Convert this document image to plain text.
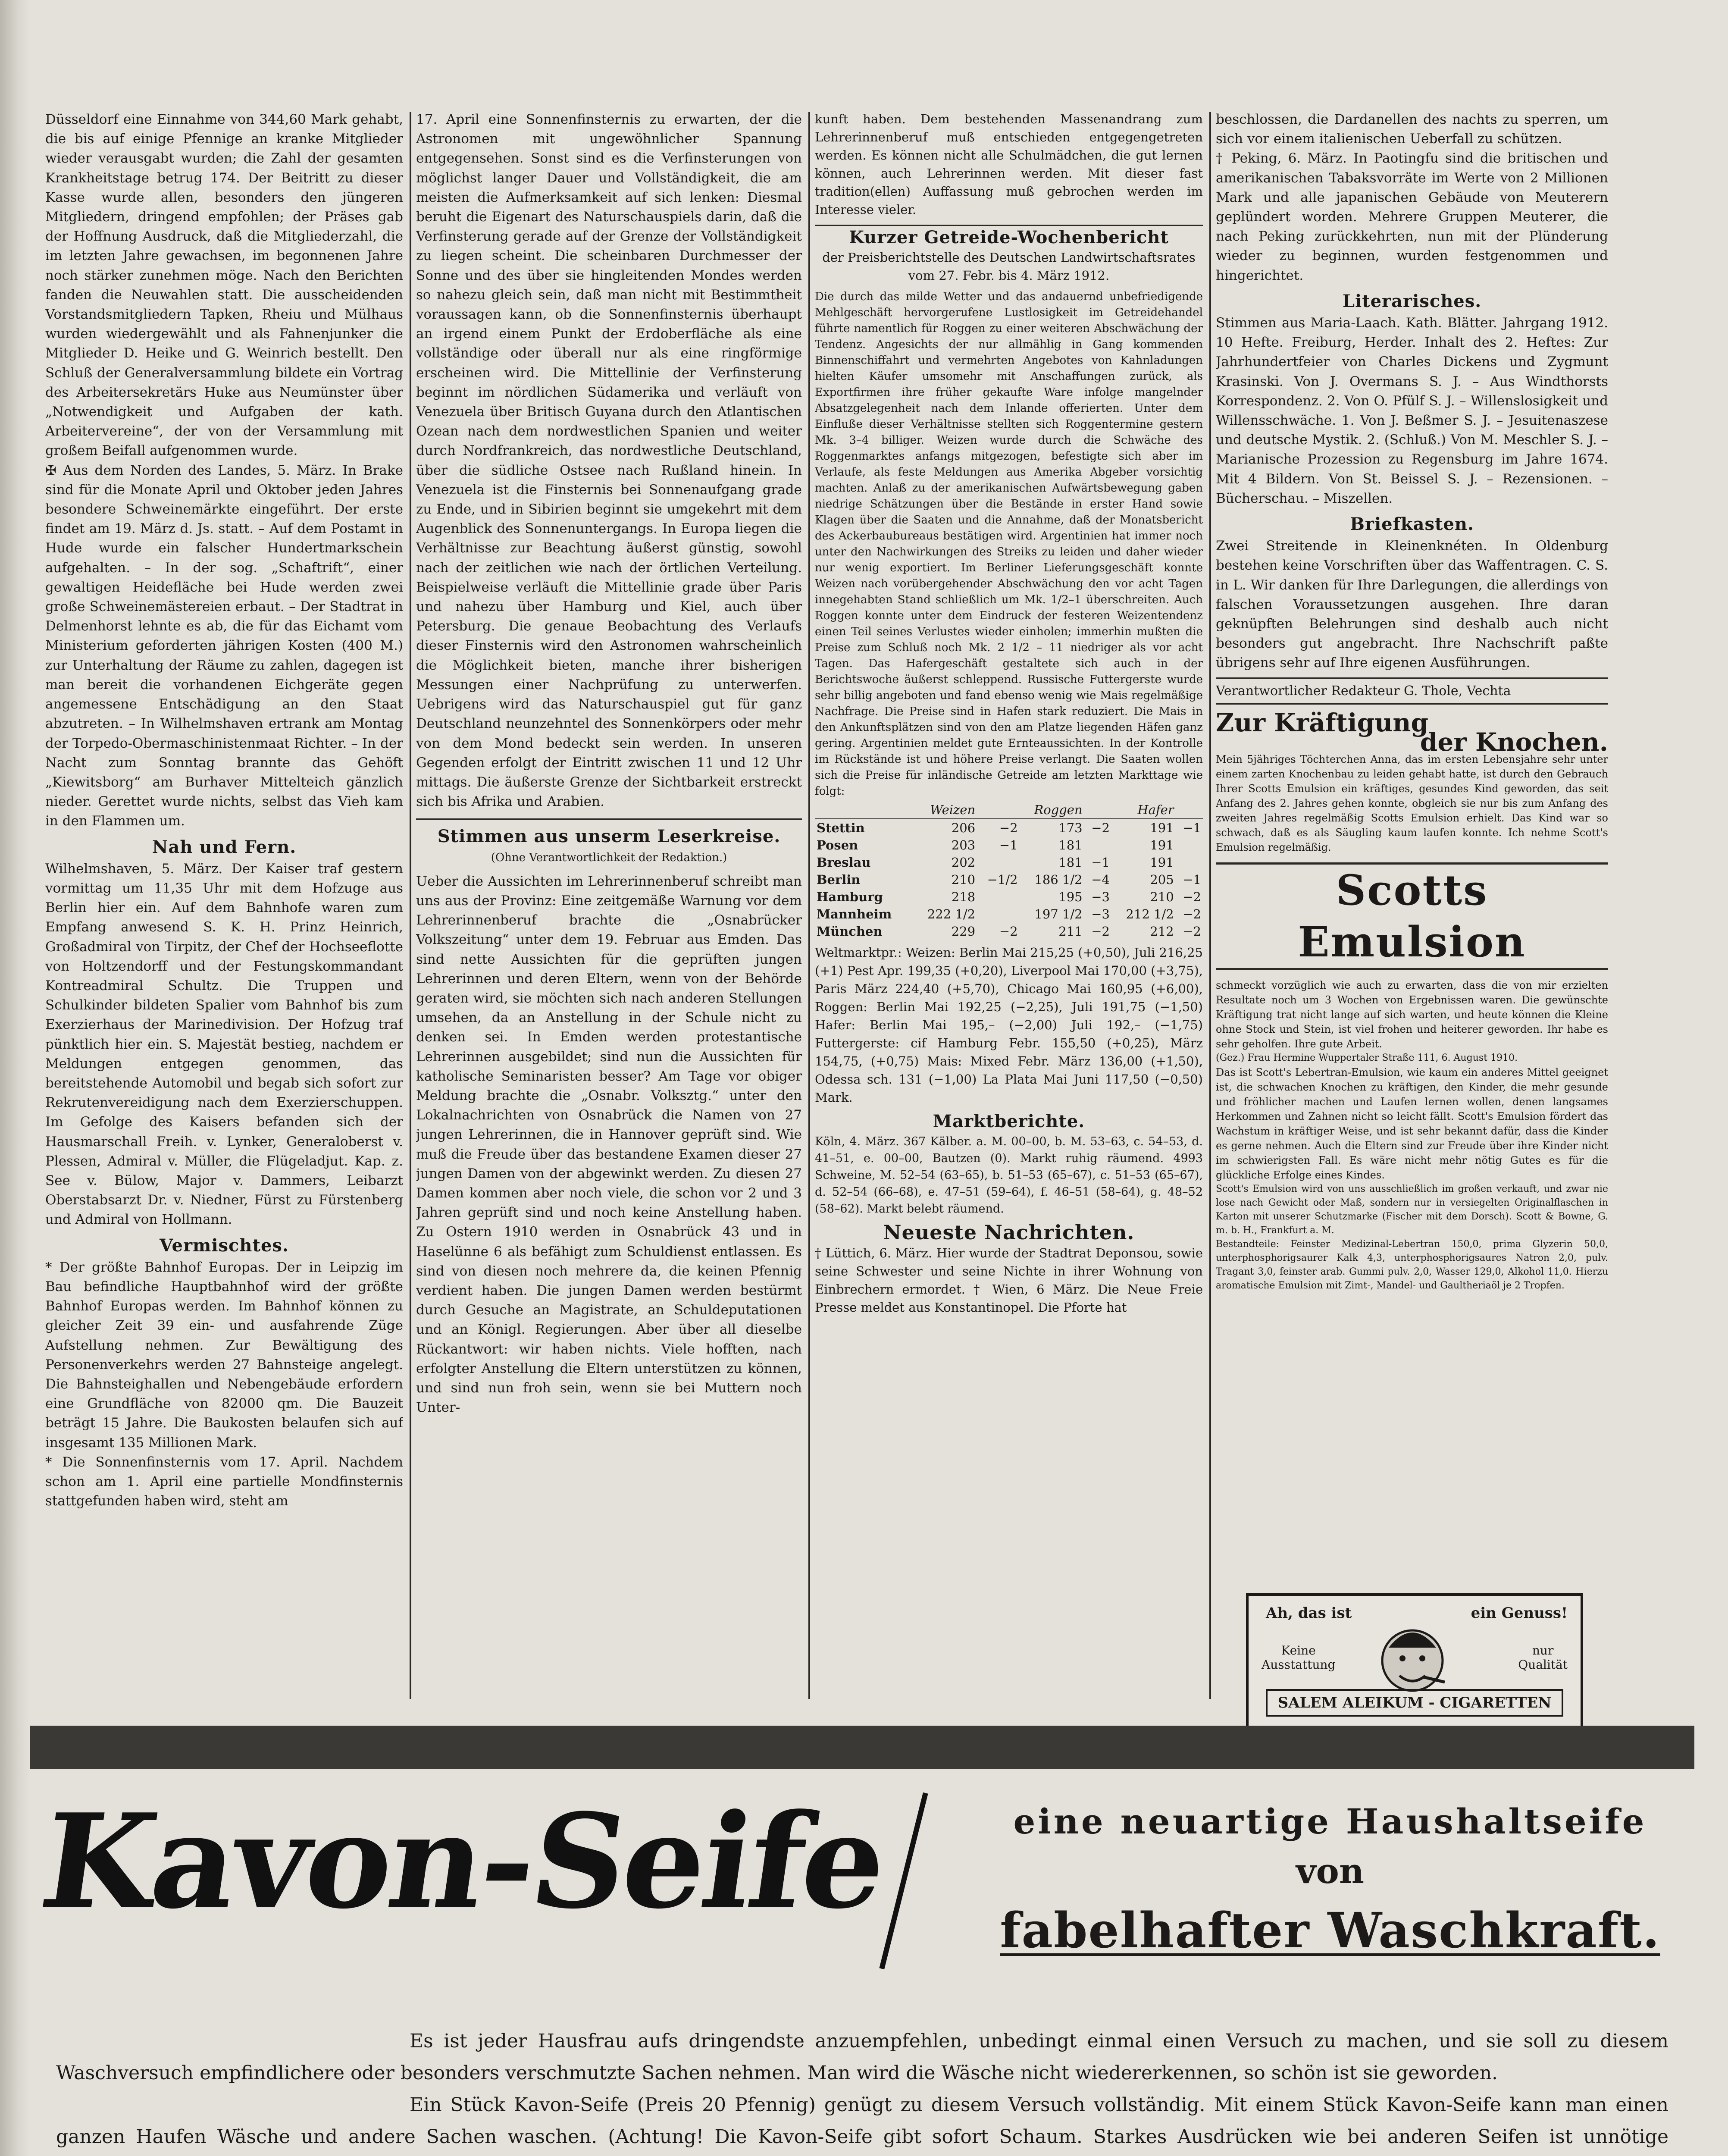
Düsseldorf eine Einnahme von 344,60 Mark gehabt, die bis auf einige Pfennige an kranke Mitglieder wieder verausgabt wurden; die Zahl der gesamten Krankheitstage betrug 174. Der Beitritt zu dieser Kasse wurde allen, besonders den jüngeren Mitgliedern, dringend empfohlen; der Präses gab der Hoffnung Ausdruck, daß die Mitgliederzahl, die im letzten Jahre gewachsen, im begonnenen Jahre noch stärker zunehmen möge. Nach den Berichten fanden die Neuwahlen statt. Die ausscheidenden Vorstandsmitgliedern Tapken, Rheiu und Mülhaus wurden wiedergewählt und als Fahnenjunker die Mitglieder D. Heike und G. Weinrich bestellt. Den Schluß der Generalversammlung bildete ein Vortrag des Arbeitersekretärs Huke aus Neumünster über „Notwendigkeit und Aufgaben der kath. Arbeitervereine“, der von der Versammlung mit großem Beifall aufgenommen wurde.

✠ Aus dem Norden des Landes, 5. März. In Brake sind für die Monate April und Oktober jeden Jahres besondere Schweinemärkte eingeführt. Der erste findet am 19. März d. Js. statt. – Auf dem Postamt in Hude wurde ein falscher Hundertmarkschein aufgehalten. – In der sog. „Schaftrift“, einer gewaltigen Heidefläche bei Hude werden zwei große Schweinemästereien erbaut. – Der Stadtrat in Delmenhorst lehnte es ab, die für das Eichamt vom Ministerium geforderten jährigen Kosten (400 M.) zur Unterhaltung der Räume zu zahlen, dagegen ist man bereit die vorhandenen Eichgeräte gegen angemessene Entschädigung an den Staat abzutreten. – In Wilhelmshaven ertrank am Montag der Torpedo-Obermaschinistenmaat Richter. – In der Nacht zum Sonntag brannte das Gehöft „Kiewitsborg“ am Burhaver Mittelteich gänzlich nieder. Gerettet wurde nichts, selbst das Vieh kam in den Flammen um.

Nah und Fern.

Wilhelmshaven, 5. März. Der Kaiser traf gestern vormittag um 11,35 Uhr mit dem Hofzuge aus Berlin hier ein. Auf dem Bahnhofe waren zum Empfang anwesend S. K. H. Prinz Heinrich, Großadmiral von Tirpitz, der Chef der Hochseeflotte von Holtzendorff und der Festungskommandant Kontreadmiral Schultz. Die Truppen und Schulkinder bildeten Spalier vom Bahnhof bis zum Exerzierhaus der Marinedivision. Der Hofzug traf pünktlich hier ein. S. Majestät bestieg, nachdem er Meldungen entgegen genommen, das bereitstehende Automobil und begab sich sofort zur Rekrutenvereidigung nach dem Exerzierschuppen. Im Gefolge des Kaisers befanden sich der Hausmarschall Freih. v. Lynker, Generaloberst v. Plessen, Admiral v. Müller, die Flügeladjut. Kap. z. See v. Bülow, Major v. Dammers, Leibarzt Oberstabsarzt Dr. v. Niedner, Fürst zu Fürstenberg und Admiral von Hollmann.

Vermischtes.

* Der größte Bahnhof Europas. Der in Leipzig im Bau befindliche Hauptbahnhof wird der größte Bahnhof Europas werden. Im Bahnhof können zu gleicher Zeit 39 ein- und ausfahrende Züge Aufstellung nehmen. Zur Bewältigung des Personenverkehrs werden 27 Bahnsteige angelegt. Die Bahnsteighallen und Nebengebäude erfordern eine Grundfläche von 82000 qm. Die Bauzeit beträgt 15 Jahre. Die Baukosten belaufen sich auf insgesamt 135 Millionen Mark.

* Die Sonnenfinsternis vom 17. April. Nachdem schon am 1. April eine partielle Mondfinsternis stattgefunden haben wird, steht am

17. April eine Sonnenfinsternis zu erwarten, der die Astronomen mit ungewöhnlicher Spannung entgegensehen. Sonst sind es die Verfinsterungen von möglichst langer Dauer und Vollständigkeit, die am meisten die Aufmerksamkeit auf sich lenken: Diesmal beruht die Eigenart des Naturschauspiels darin, daß die Verfinsterung gerade auf der Grenze der Vollständigkeit zu liegen scheint. Die scheinbaren Durchmesser der Sonne und des über sie hingleitenden Mondes werden so nahezu gleich sein, daß man nicht mit Bestimmtheit voraussagen kann, ob die Sonnenfinsternis überhaupt an irgend einem Punkt der Erdoberfläche als eine vollständige oder überall nur als eine ringförmige erscheinen wird. Die Mittellinie der Verfinsterung beginnt im nördlichen Südamerika und verläuft von Venezuela über Britisch Guyana durch den Atlantischen Ozean nach dem nordwestlichen Spanien und weiter durch Nordfrankreich, das nordwestliche Deutschland, über die südliche Ostsee nach Rußland hinein. In Venezuela ist die Finsternis bei Sonnenaufgang grade zu Ende, und in Sibirien beginnt sie umgekehrt mit dem Augenblick des Sonnenuntergangs. In Europa liegen die Verhältnisse zur Beachtung äußerst günstig, sowohl nach der zeitlichen wie nach der örtlichen Verteilung. Beispielweise verläuft die Mittellinie grade über Paris und nahezu über Hamburg und Kiel, auch über Petersburg. Die genaue Beobachtung des Verlaufs dieser Finsternis wird den Astronomen wahrscheinlich die Möglichkeit bieten, manche ihrer bisherigen Messungen einer Nachprüfung zu unterwerfen. Uebrigens wird das Naturschauspiel gut für ganz Deutschland neunzehntel des Sonnenkörpers oder mehr von dem Mond bedeckt sein werden. In unseren Gegenden erfolgt der Eintritt zwischen 11 und 12 Uhr mittags. Die äußerste Grenze der Sichtbarkeit erstreckt sich bis Afrika und Arabien.

Stimmen aus unserm Leserkreise.
(Ohne Verantwortlichkeit der Redaktion.)

Ueber die Aussichten im Lehrerinnenberuf schreibt man uns aus der Provinz: Eine zeitgemäße Warnung vor dem Lehrerinnenberuf brachte die „Osnabrücker Volkszeitung“ unter dem 19. Februar aus Emden. Das sind nette Aussichten für die geprüften jungen Lehrerinnen und deren Eltern, wenn von der Behörde geraten wird, sie möchten sich nach anderen Stellungen umsehen, da an Anstellung in der Schule nicht zu denken sei. In Emden werden protestantische Lehrerinnen ausgebildet; sind nun die Aussichten für katholische Seminaristen besser? Am Tage vor obiger Meldung brachte die „Osnabr. Volksztg.“ unter den Lokalnachrichten von Osnabrück die Namen von 27 jungen Lehrerinnen, die in Hannover geprüft sind. Wie muß die Freude über das bestandene Examen dieser 27 jungen Damen von der abgewinkt werden. Zu diesen 27 Damen kommen aber noch viele, die schon vor 2 und 3 Jahren geprüft sind und noch keine Anstellung haben. Zu Ostern 1910 werden in Osnabrück 43 und in Haselünne 6 als befähigt zum Schuldienst entlassen. Es sind von diesen noch mehrere da, die keinen Pfennig verdient haben. Die jungen Damen werden bestürmt durch Gesuche an Magistrate, an Schuldeputationen und an Königl. Regierungen. Aber über all dieselbe Rückantwort: wir haben nichts. Viele hofften, nach erfolgter Anstellung die Eltern unterstützen zu können, und sind nun froh sein, wenn sie bei Muttern noch Unter-

kunft haben. Dem bestehenden Massenandrang zum Lehrerinnenberuf muß entschieden entgegengetreten werden. Es können nicht alle Schulmädchen, die gut lernen können, auch Lehrerinnen werden. Mit dieser fast tradition(ellen) Auffassung muß gebrochen werden im Interesse vieler.

Kurzer Getreide-Wochenbericht
der Preisberichtstelle des Deutschen Landwirtschaftsrates vom 27. Febr. bis 4. März 1912.

Die durch das milde Wetter und das andauernd unbefriedigende Mehlgeschäft hervorgerufene Lustlosigkeit im Getreidehandel führte namentlich für Roggen zu einer weiteren Abschwächung der Tendenz. Angesichts der nur allmählig in Gang kommenden Binnenschiffahrt und vermehrten Angebotes von Kahnladungen hielten Käufer umsomehr mit Anschaffungen zurück, als Exportfirmen ihre früher gekaufte Ware infolge mangelnder Absatzgelegenheit nach dem Inlande offerierten. Unter dem Einfluße dieser Verhältnisse stellten sich Roggentermine gestern Mk. 3–4 billiger. Weizen wurde durch die Schwäche des Roggenmarktes anfangs mitgezogen, befestigte sich aber im Verlaufe, als feste Meldungen aus Amerika Abgeber vorsichtig machten. Anlaß zu der amerikanischen Aufwärtsbewegung gaben niedrige Schätzungen über die Bestände in erster Hand sowie Klagen über die Saaten und die Annahme, daß der Monatsbericht des Ackerbaubureaus bestätigen wird. Argentinien hat immer noch unter den Nachwirkungen des Streiks zu leiden und daher wieder nur wenig exportiert. Im Berliner Lieferungsgeschäft konnte Weizen nach vorübergehender Abschwächung den vor acht Tagen innegehabten Stand schließlich um Mk. 1/2–1 überschreiten. Auch Roggen konnte unter dem Eindruck der festeren Weizentendenz einen Teil seines Verlustes wieder einholen; immerhin mußten die Preise zum Schluß noch Mk. 2 1/2 – 11 niedriger als vor acht Tagen. Das Hafergeschäft gestaltete sich auch in der Berichtswoche äußerst schleppend. Russische Futtergerste wurde sehr billig angeboten und fand ebenso wenig wie Mais regelmäßige Nachfrage. Die Preise sind in Hafen stark reduziert. Die Mais in den Ankunftsplätzen sind von den am Platze liegenden Häfen ganz gering. Argentinien meldet gute Ernteaussichten. In der Kontrolle im Rückstände ist und höhere Preise verlangt. Die Saaten wollen sich die Preise für inländische Getreide am letzten Markttage wie folgt:

	Weizen		Roggen		Hafer	
Stettin	206	−2	173	−2	191	−1
Posen	203	−1	181		191	
Breslau	202		181	−1	191	
Berlin	210	−1/2	186 1/2	−4	205	−1
Hamburg	218		195	−3	210	−2
Mannheim	222 1/2		197 1/2	−3	212 1/2	−2
München	229	−2	211	−2	212	−2

Weltmarktpr.: Weizen: Berlin Mai 215,25 (+0,50), Juli 216,25 (+1) Pest Apr. 199,35 (+0,20), Liverpool Mai 170,00 (+3,75), Paris März 224,40 (+5,70), Chicago Mai 160,95 (+6,00), Roggen: Berlin Mai 192,25 (−2,25), Juli 191,75 (−1,50) Hafer: Berlin Mai 195,– (−2,00) Juli 192,– (−1,75) Futtergerste: cif Hamburg Febr. 155,50 (+0,25), März 154,75, (+0,75) Mais: Mixed Febr. März 136,00 (+1,50), Odessa sch. 131 (−1,00) La Plata Mai Juni 117,50 (−0,50) Mark.

Marktberichte.

Köln, 4. März. 367 Kälber. a. M. 00–00, b. M. 53–63, c. 54–53, d. 41–51, e. 00–00, Bautzen (0). Markt ruhig räumend. 4993 Schweine, M. 52–54 (63–65), b. 51–53 (65–67), c. 51–53 (65–67), d. 52–54 (66–68), e. 47–51 (59–64), f. 46–51 (58–64), g. 48–52 (58–62). Markt belebt räumend.

Neueste Nachrichten.

† Lüttich, 6. März. Hier wurde der Stadtrat Deponsou, sowie seine Schwester und seine Nichte in ihrer Wohnung von Einbrechern ermordet. † Wien, 6 März. Die Neue Freie Presse meldet aus Konstantinopel. Die Pforte hat

beschlossen, die Dardanellen des nachts zu sperren, um sich vor einem italienischen Ueberfall zu schützen.

† Peking, 6. März. In Paotingfu sind die britischen und amerikanischen Tabaksvorräte im Werte von 2 Millionen Mark und alle japanischen Gebäude von Meuterern geplündert worden. Mehrere Gruppen Meuterer, die nach Peking zurückkehrten, nun mit der Plünderung wieder zu beginnen, wurden festgenommen und hingerichtet.

Literarisches.

Stimmen aus Maria-Laach. Kath. Blätter. Jahrgang 1912. 10 Hefte. Freiburg, Herder. Inhalt des 2. Heftes: Zur Jahrhundertfeier von Charles Dickens und Zygmunt Krasinski. Von J. Overmans S. J. – Aus Windthorsts Korrespondenz. 2. Von O. Pfülf S. J. – Willenslosigkeit und Willensschwäche. 1. Von J. Beßmer S. J. – Jesuitenaszese und deutsche Mystik. 2. (Schluß.) Von M. Meschler S. J. – Marianische Prozession zu Regensburg im Jahre 1674. Mit 4 Bildern. Von St. Beissel S. J. – Rezensionen. – Bücherschau. – Miszellen.

Briefkasten.

Zwei Streitende in Kleinenknéten. In Oldenburg bestehen keine Vorschriften über das Waffentragen. C. S. in L. Wir danken für Ihre Darlegungen, die allerdings von falschen Voraussetzungen ausgehen. Ihre daran geknüpften Belehrungen sind deshalb auch nicht besonders gut angebracht. Ihre Nachschrift paßte übrigens sehr auf Ihre eigenen Ausführungen.

Verantwortlicher Redakteur G. Thole, Vechta
Zur Kräftigung
der Knochen.

Mein 5jähriges Töchterchen Anna, das im ersten Lebensjahre sehr unter einem zarten Knochenbau zu leiden gehabt hatte, ist durch den Gebrauch Ihrer Scotts Emulsion ein kräftiges, gesundes Kind geworden, das seit Anfang des 2. Jahres gehen konnte, obgleich sie nur bis zum Anfang des zweiten Jahres regelmäßig Scotts Emulsion erhielt. Das Kind war so schwach, daß es als Säugling kaum laufen konnte. Ich nehme Scott's Emulsion regelmäßig.

Scotts Emulsion

schmeckt vorzüglich wie auch zu erwarten, dass die von mir erzielten Resultate noch um 3 Wochen von Ergebnissen waren. Die gewünschte Kräftigung trat nicht lange auf sich warten, und heute können die Kleine ohne Stock und Stein, ist viel frohen und heiterer geworden. Ihr habe es sehr geholfen. Ihre gute Arbeit.

(Gez.) Frau Hermine Wuppertaler Straße 111, 6. August 1910.

Das ist Scott's Lebertran-Emulsion, wie kaum ein anderes Mittel geeignet ist, die schwachen Knochen zu kräftigen, den Kinder, die mehr gesunde und fröhlicher machen und Laufen lernen wollen, denen langsames Herkommen und Zahnen nicht so leicht fällt. Scott's Emulsion fördert das Wachstum in kräftiger Weise, und ist sehr bekannt dafür, dass die Kinder es gerne nehmen. Auch die Eltern sind zur Freude über ihre Kinder nicht im schwierigsten Fall. Es wäre nicht mehr nötig Gutes es für die glückliche Erfolge eines Kindes.

Scott's Emulsion wird von uns ausschließlich im großen verkauft, und zwar nie lose nach Gewicht oder Maß, sondern nur in versiegelten Originalflaschen in Karton mit unserer Schutzmarke (Fischer mit dem Dorsch). Scott & Bowne, G. m. b. H., Frankfurt a. M.

Bestandteile: Feinster Medizinal-Lebertran 150,0, prima Glyzerin 50,0, unterphosphorigsaurer Kalk 4,3, unterphosphorigsaures Natron 2,0, pulv. Tragant 3,0, feinster arab. Gummi pulv. 2,0, Wasser 129,0, Alkohol 11,0. Hierzu aromatische Emulsion mit Zimt-, Mandel- und Gaultheriaöl je 2 Tropfen.

Ah, das ist	ein Genuss!
Keine
Ausstattung
nur
Qualität
SALEM ALEIKUM - CIGARETTEN
Kavon-Seife	eine neuartige Haushaltseife
von
fabelhafter Waschkraft.

Es ist jeder Hausfrau aufs dringendste anzuempfehlen, unbedingt einmal einen Versuch zu machen, und sie soll zu diesem Waschversuch empfindlichere oder besonders verschmutzte Sachen nehmen. Man wird die Wäsche nicht wiedererkennen, so schön ist sie geworden.

Ein Stück Kavon-Seife (Preis 20 Pfennig) genügt zu diesem Versuch vollständig. Mit einem Stück Kavon-Seife kann man einen ganzen Haufen Wäsche und andere Sachen waschen. (Achtung! Die Kavon-Seife gibt sofort Schaum. Starkes Ausdrücken wie bei anderen Seifen ist unnötige
